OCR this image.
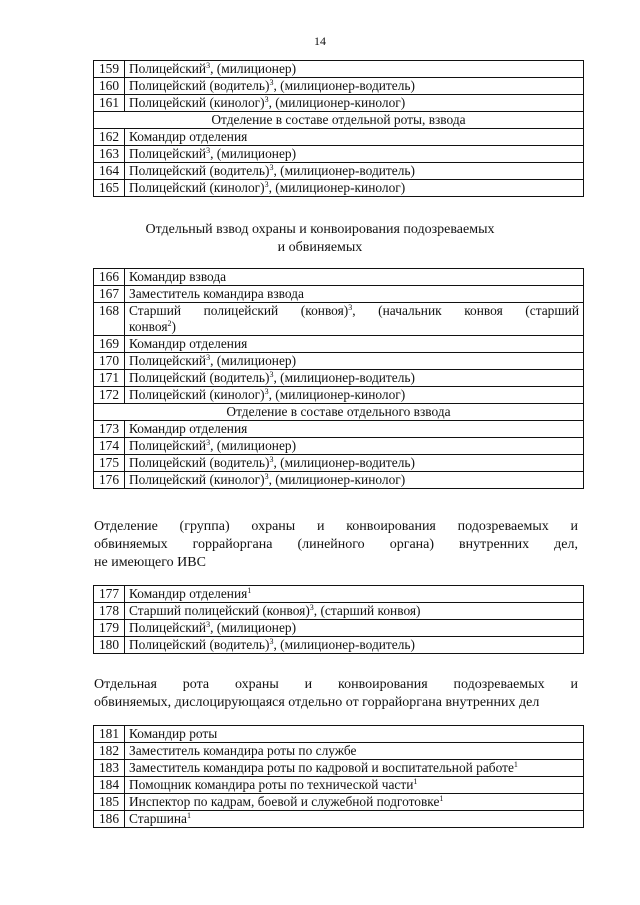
14
159	Полицейский$^3$, (милиционер)
160	Полицейский (водитель)$^3$, (милиционер-водитель)
161	Полицейский (кинолог)$^3$, (милиционер-кинолог)
Отделение в составе отдельной роты, взвода	
162	Командир отделения
163	Полицейский$^3$, (милиционер)
164	Полицейский (водитель)$^3$, (милиционер-водитель)
165	Полицейский (кинолог)$^3$, (милиционер-кинолог)
Отдельный взвод охраны и конвоирования подозреваемых
и обвиняемых
166	Командир взвода
167	Заместитель командира взвода
168	Старший полицейский (конвоя)$^3$, (начальник конвоя (старший
конвоя$^2$)

169	Командир отделения
170	Полицейский$^3$, (милиционер)
171	Полицейский (водитель)$^3$, (милиционер-водитель)
172	Полицейский (кинолог)$^3$, (милиционер-кинолог)
Отделение в составе отдельного взвода	
173	Командир отделения
174	Полицейский$^3$, (милиционер)
175	Полицейский (водитель)$^3$, (милиционер-водитель)
176	Полицейский (кинолог)$^3$, (милиционер-кинолог)
Отделение (группа) охраны и конвоирования подозреваемых и
обвиняемых горрайоргана (линейного органа) внутренних дел,
не имеющего ИВС
177	Командир отделения$^1$
178	Старший полицейский (конвоя)$^3$, (старший конвоя)
179	Полицейский$^3$, (милиционер)
180	Полицейский (водитель)$^3$, (милиционер-водитель)
Отдельная рота охраны и конвоирования подозреваемых и
обвиняемых, дислоцирующаяся отдельно от горрайоргана внутренних дел
181	Командир роты
182	Заместитель командира роты по службе
183	Заместитель командира роты по кадровой и воспитательной работе$^1$
184	Помощник командира роты по технической части$^1$
185	Инспектор по кадрам, боевой и служебной подготовке$^1$
186	Старшина$^1$
